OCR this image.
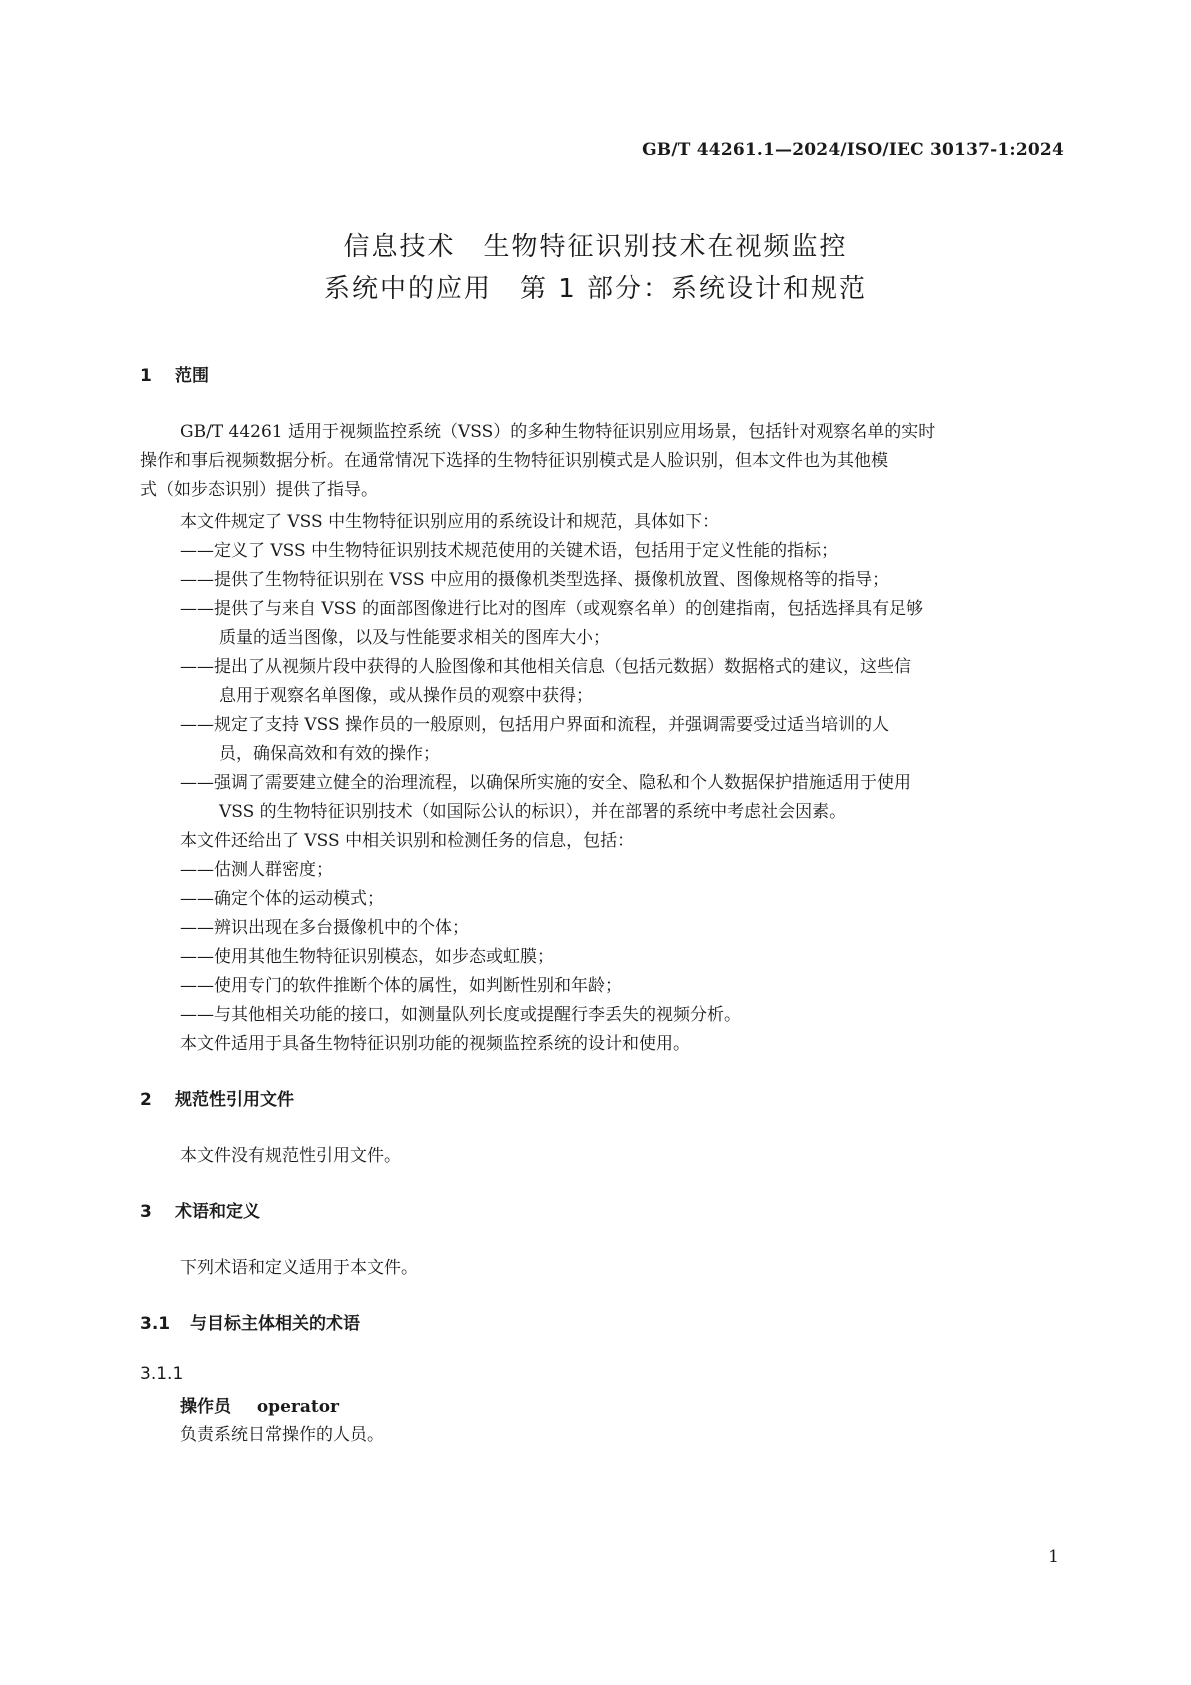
GB/T 44261.1—2024/ISO/IEC 30137-1:2024
信息技术　生物特征识别技术在视频监控
系统中的应用　第 1 部分：系统设计和规范
1 范围
GB/T 44261 适用于视频监控系统（VSS）的多种生物特征识别应用场景，包括针对观察名单的实时
操作和事后视频数据分析。在通常情况下选择的生物特征识别模式是人脸识别，但本文件也为其他模
式（如步态识别）提供了指导。
本文件规定了 VSS 中生物特征识别应用的系统设计和规范，具体如下：
——定义了 VSS 中生物特征识别技术规范使用的关键术语，包括用于定义性能的指标；
——提供了生物特征识别在 VSS 中应用的摄像机类型选择、摄像机放置、图像规格等的指导；
——提供了与来自 VSS 的面部图像进行比对的图库（或观察名单）的创建指南，包括选择具有足够
质量的适当图像，以及与性能要求相关的图库大小；
——提出了从视频片段中获得的人脸图像和其他相关信息（包括元数据）数据格式的建议，这些信
息用于观察名单图像，或从操作员的观察中获得；
——规定了支持 VSS 操作员的一般原则，包括用户界面和流程，并强调需要受过适当培训的人
员，确保高效和有效的操作；
——强调了需要建立健全的治理流程，以确保所实施的安全、隐私和个人数据保护措施适用于使用
VSS 的生物特征识别技术（如国际公认的标识），并在部署的系统中考虑社会因素。
本文件还给出了 VSS 中相关识别和检测任务的信息，包括：
——估测人群密度；
——确定个体的运动模式；
——辨识出现在多台摄像机中的个体；
——使用其他生物特征识别模态，如步态或虹膜；
——使用专门的软件推断个体的属性，如判断性别和年龄；
——与其他相关功能的接口，如测量队列长度或提醒行李丢失的视频分析。
本文件适用于具备生物特征识别功能的视频监控系统的设计和使用。
2 规范性引用文件
本文件没有规范性引用文件。
3 术语和定义
下列术语和定义适用于本文件。
3.1 与目标主体相关的术语
3.1.1
操作员 operator
负责系统日常操作的人员。
1
